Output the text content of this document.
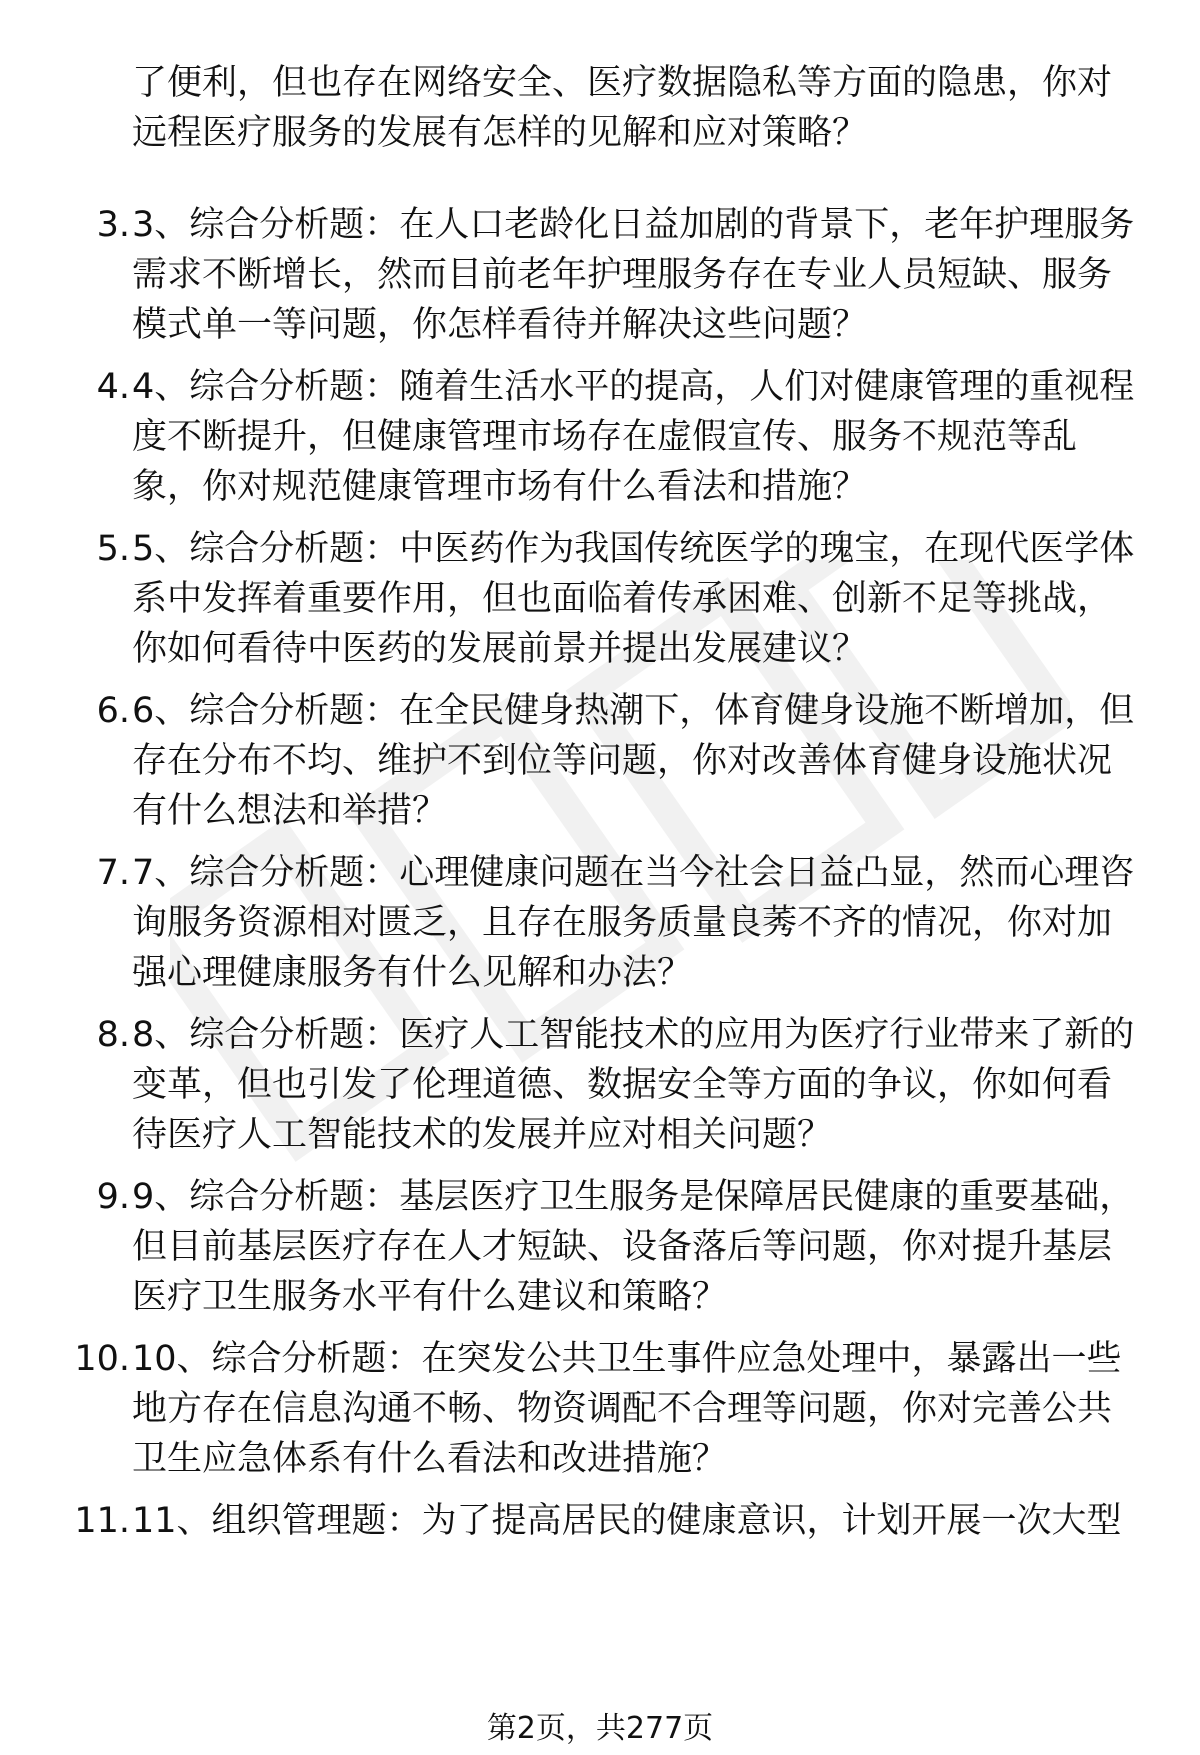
了便利，但也存在网络安全、医疗数据隐私等方面的隐患，你对
远程医疗服务的发展有怎样的见解和应对策略？
3. 3、综合分析题：在人口老龄化日益加剧的背景下，老年护理服务
需求不断增长，然而目前老年护理服务存在专业人员短缺、服务
模式单一等问题，你怎样看待并解决这些问题？
4. 4、综合分析题：随着生活水平的提高，人们对健康管理的重视程
度不断提升，但健康管理市场存在虚假宣传、服务不规范等乱
象，你对规范健康管理市场有什么看法和措施？
5. 5、综合分析题：中医药作为我国传统医学的瑰宝，在现代医学体
系中发挥着重要作用，但也面临着传承困难、创新不足等挑战，
你如何看待中医药的发展前景并提出发展建议？
6. 6、综合分析题：在全民健身热潮下，体育健身设施不断增加，但
存在分布不均、维护不到位等问题，你对改善体育健身设施状况
有什么想法和举措？
7. 7、综合分析题：心理健康问题在当今社会日益凸显，然而心理咨
询服务资源相对匮乏，且存在服务质量良莠不齐的情况，你对加
强心理健康服务有什么见解和办法？
8. 8、综合分析题：医疗人工智能技术的应用为医疗行业带来了新的
变革，但也引发了伦理道德、数据安全等方面的争议，你如何看
待医疗人工智能技术的发展并应对相关问题？
9. 9、综合分析题：基层医疗卫生服务是保障居民健康的重要基础，
但目前基层医疗存在人才短缺、设备落后等问题，你对提升基层
医疗卫生服务水平有什么建议和策略？
10. 10、综合分析题：在突发公共卫生事件应急处理中，暴露出一些
地方存在信息沟通不畅、物资调配不合理等问题，你对完善公共
卫生应急体系有什么看法和改进措施？
11. 11、组织管理题：为了提高居民的健康意识，计划开展一次大型
第2页，共277页
